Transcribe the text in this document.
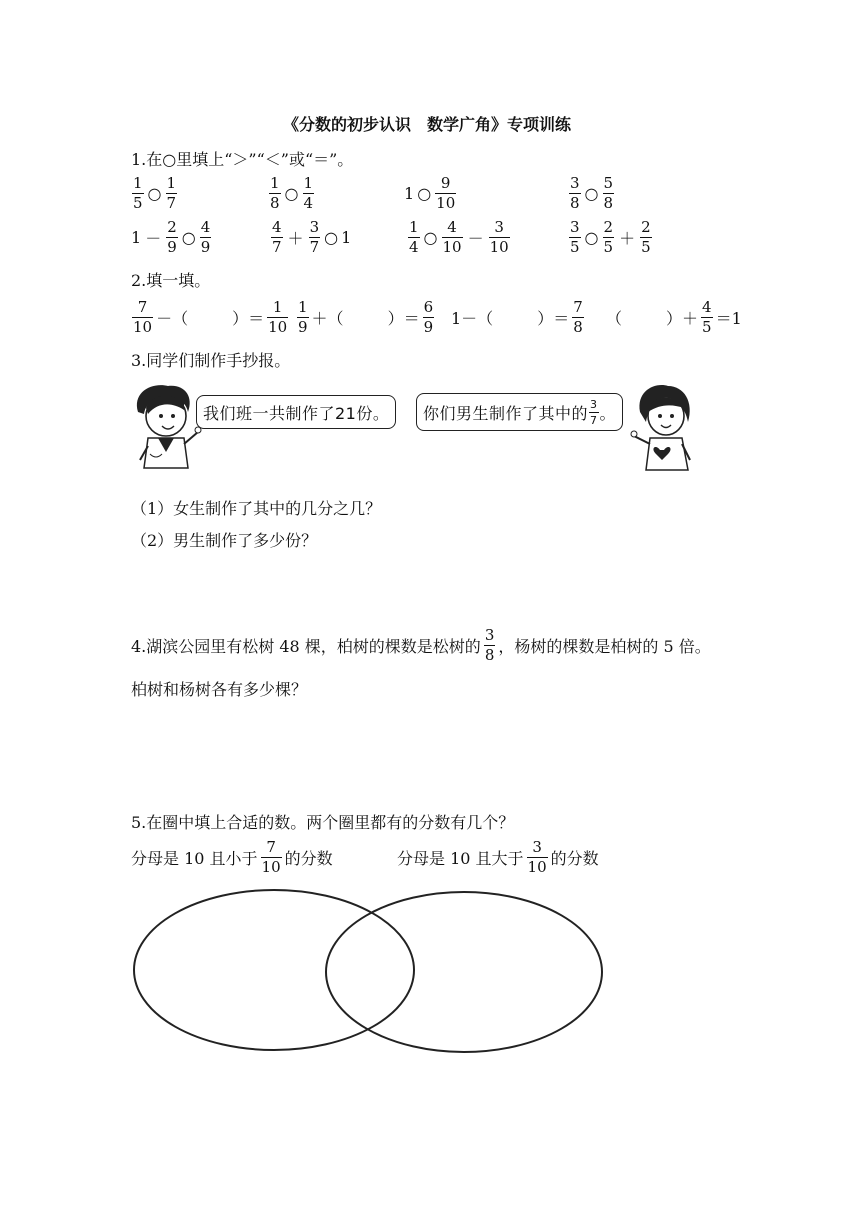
《分数的初步认识　数学广角》专项训练
1.在○里填上“＞”“＜”或“＝”。
$\frac{1}{5}$ ○ $\frac{1}{7}$	$\frac{1}{8}$ ○ $\frac{1}{4}$	1 ○ $\frac{9}{10}$	$\frac{3}{8}$ ○ $\frac{5}{8}$
$1 - \frac{2}{9}$ ○ $\frac{4}{9}$	$\frac{4}{7} + \frac{3}{7}$ ○ 1	$\frac{1}{4}$ ○ $\frac{4}{10} - \frac{3}{10}$	$\frac{3}{5}$ ○ $\frac{2}{5} + \frac{2}{5}$
2.填一填。
$\frac{7}{10}$ －（	）＝ $\frac{1}{10} \frac{1}{9}$ ＋（	）＝ $\frac{6}{9} 1-$（	）＝ $\frac{7}{8}$ （	）＋ $\frac{4}{5} =1$
3.同学们制作手抄报。
我们班一共制作了21份。 你们男生制作了其中的 $\frac{3}{7}$ 。
（1）女生制作了其中的几分之几？
（2）男生制作了多少份？
4.湖滨公园里有松树 48 棵，柏树的棵数是松树的 $\frac{3}{8}$ ，杨树的棵数是柏树的 5 倍。
柏树和杨树各有多少棵？
5.在圈中填上合适的数。两个圈里都有的分数有几个？
分母是 10 且小于 $\frac{7}{10}$ 的分数	分母是 10 且大于 $\frac{3}{10}$ 的分数
